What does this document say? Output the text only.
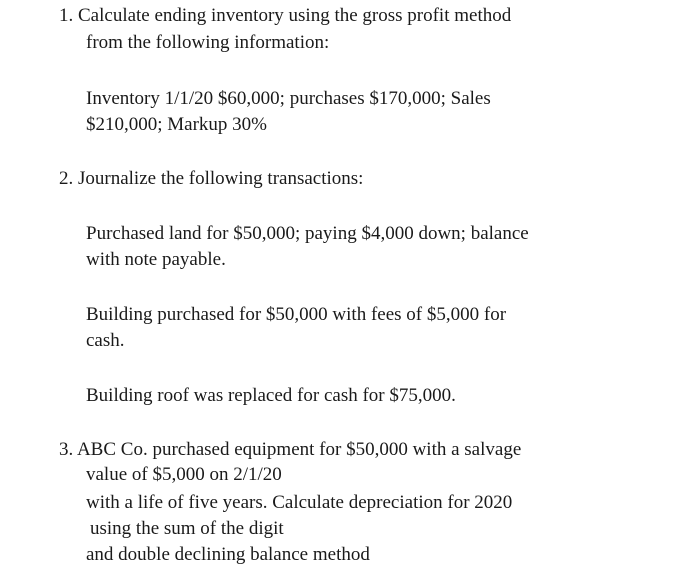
1. Calculate ending inventory using the gross profit method
from the following information:
Inventory 1/1/20 $60,000; purchases $170,000; Sales
$210,000; Markup 30%
2. Journalize the following transactions:
Purchased land for $50,000; paying $4,000 down; balance
with note payable.
Building purchased for $50,000 with fees of $5,000 for
cash.
Building roof was replaced for cash for $75,000.
3. ABC Co. purchased equipment for $50,000 with a salvage
value of $5,000 on 2/1/20
with a life of five years. Calculate depreciation for 2020
using the sum of the digit
and double declining balance method
